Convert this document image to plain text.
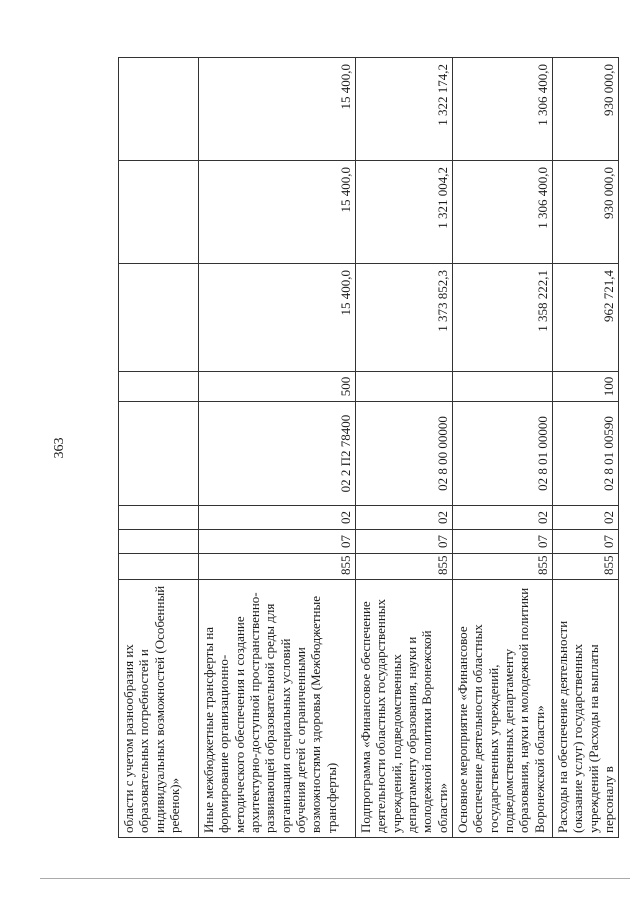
363
области с учетом разнообразия их образовательных потребностей и индивидуальных возможностей (Особенный ребенок)»								
Иные межбюджетные трансферты на формирование организационно-методического обеспечения и создание архитектурно-доступной пространственно-развивающей образовательной среды для организации специальных условий обучения детей с ограниченными возможностями здоровья (Межбюджетные трансферты)	855	07	02	02 2 П2 78400	500	15 400,0	15 400,0	15 400,0
Подпрограмма «Финансовое обеспечение деятельности областных государственных учреждений, подведомственных департаменту образования, науки и молодежной политики Воронежской области»	855	07	02	02 8 00 00000		1 373 852,3	1 321 004,2	1 322 174,2
Основное мероприятие «Финансовое обеспечение деятельности областных государственных учреждений, подведомственных департаменту образования, науки и молодежной политики Воронежской области»	855	07	02	02 8 01 00000		1 358 222,1	1 306 400,0	1 306 400,0
Расходы на обеспечение деятельности (оказание услуг) государственных учреждений (Расходы на выплаты персоналу в	855	07	02	02 8 01 00590	100	962 721,4	930 000,0	930 000,0
